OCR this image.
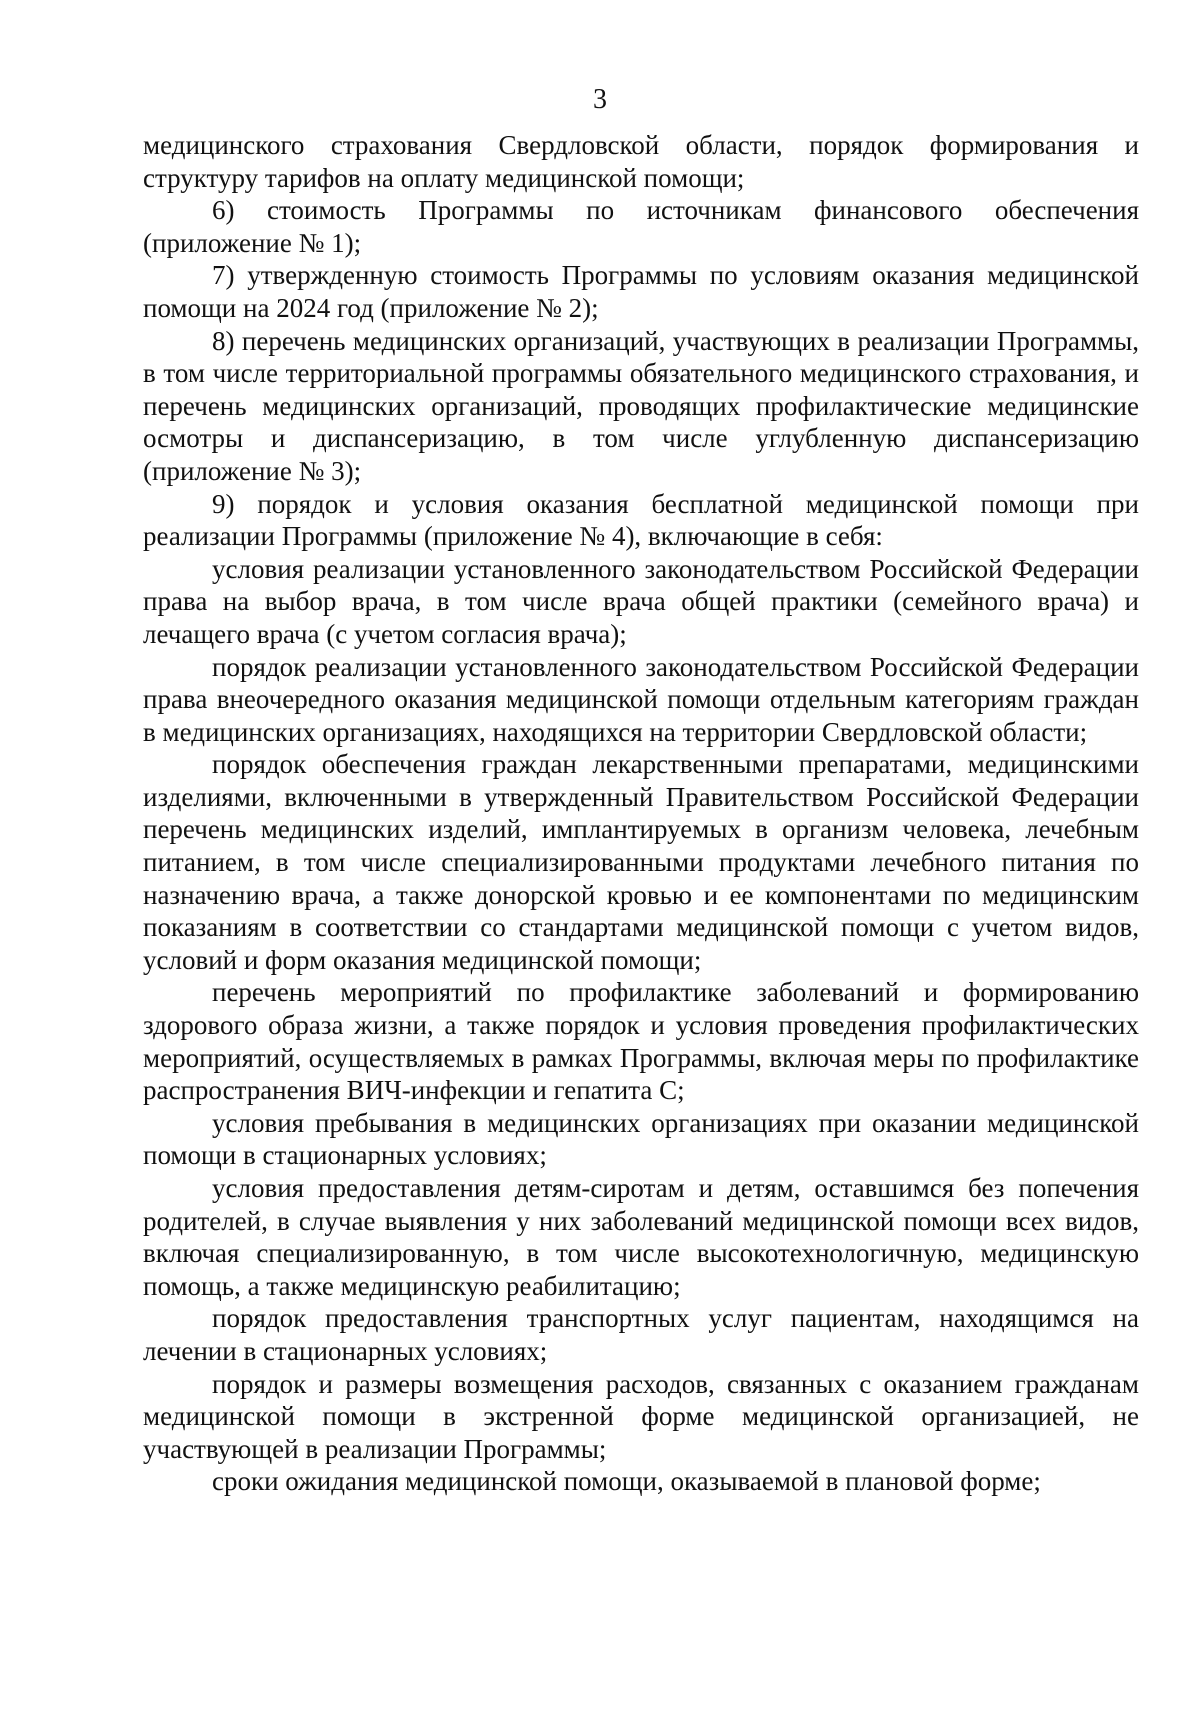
3

медицинского страхования Свердловской области, порядок формирования и структуру тарифов на оплату медицинской помощи;

6) стоимость Программы по источникам финансового обеспечения (приложение № 1);

7) утвержденную стоимость Программы по условиям оказания медицинской помощи на 2024 год (приложение № 2);

8) перечень медицинских организаций, участвующих в реализации Программы, в том числе территориальной программы обязательного медицинского страхования, и перечень медицинских организаций, проводящих профилактические медицинские осмотры и диспансеризацию, в том числе углубленную диспансеризацию (приложение № 3);

9) порядок и условия оказания бесплатной медицинской помощи при реализации Программы (приложение № 4), включающие в себя:

условия реализации установленного законодательством Российской Федерации права на выбор врача, в том числе врача общей практики (семейного врача) и лечащего врача (с учетом согласия врача);

порядок реализации установленного законодательством Российской Федерации права внеочередного оказания медицинской помощи отдельным категориям граждан в медицинских организациях, находящихся на территории Свердловской области;

порядок обеспечения граждан лекарственными препаратами, медицинскими изделиями, включенными в утвержденный Правительством Российской Федерации перечень медицинских изделий, имплантируемых в организм человека, лечебным питанием, в том числе специализированными продуктами лечебного питания по назначению врача, а также донорской кровью и ее компонентами по медицинским показаниям в соответствии со стандартами медицинской помощи с учетом видов, условий и форм оказания медицинской помощи;

перечень мероприятий по профилактике заболеваний и формированию здорового образа жизни, а также порядок и условия проведения профилактических мероприятий, осуществляемых в рамках Программы, включая меры по профилактике распространения ВИЧ-инфекции и гепатита С;

условия пребывания в медицинских организациях при оказании медицинской помощи в стационарных условиях;

условия предоставления детям-сиротам и детям, оставшимся без попечения родителей, в случае выявления у них заболеваний медицинской помощи всех видов, включая специализированную, в том числе высокотехнологичную, медицинскую помощь, а также медицинскую реабилитацию;

порядок предоставления транспортных услуг пациентам, находящимся на лечении в стационарных условиях;

порядок и размеры возмещения расходов, связанных с оказанием гражданам медицинской помощи в экстренной форме медицинской организацией, не участвующей в реализации Программы;

сроки ожидания медицинской помощи, оказываемой в плановой форме;
